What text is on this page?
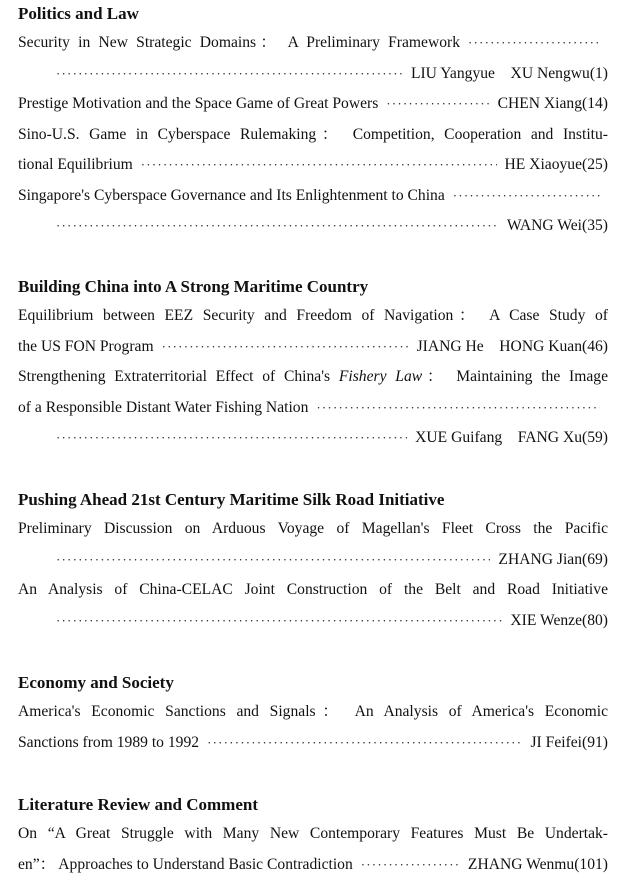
Politics and Law
Security in New Strategic Domains： A Preliminary Framework
·····
·····
LIU Yangyue　XU Nengwu(1)
Prestige Motivation and the Space Game of Great Powers ·····	CHEN Xiang(14)
Sino-U.S. Game in Cyberspace Rulemaking： Competition, Cooperation and Institu-
tional Equilibrium ·····	HE Xiaoyue(25)
Singapore's Cyberspace Governance and Its Enlightenment to China
·····
·····
WANG Wei(35)
Building China into A Strong Maritime Country
Equilibrium between EEZ Security and Freedom of Navigation： A Case Study of
the US FON Program ·····	JIANG He　HONG Kuan(46)
Strengthening Extraterritorial Effect of China's Fishery Law： Maintaining the Image
of a Responsible Distant Water Fishing Nation
·····
·····
XUE Guifang　FANG Xu(59)
Pushing Ahead 21st Century Maritime Silk Road Initiative
Preliminary Discussion on Arduous Voyage of Magellan's Fleet Cross the Pacific
·····
ZHANG Jian(69)
An Analysis of China-CELAC Joint Construction of the Belt and Road Initiative
·····
XIE Wenze(80)
Economy and Society
America's Economic Sanctions and Signals： An Analysis of America's Economic
Sanctions from 1989 to 1992 ·····	JI Feifei(91)
Literature Review and Comment
On “A Great Struggle with Many New Contemporary Features Must Be Undertak-
en”： Approaches to Understand Basic Contradiction ·····	ZHANG Wenmu(101)
